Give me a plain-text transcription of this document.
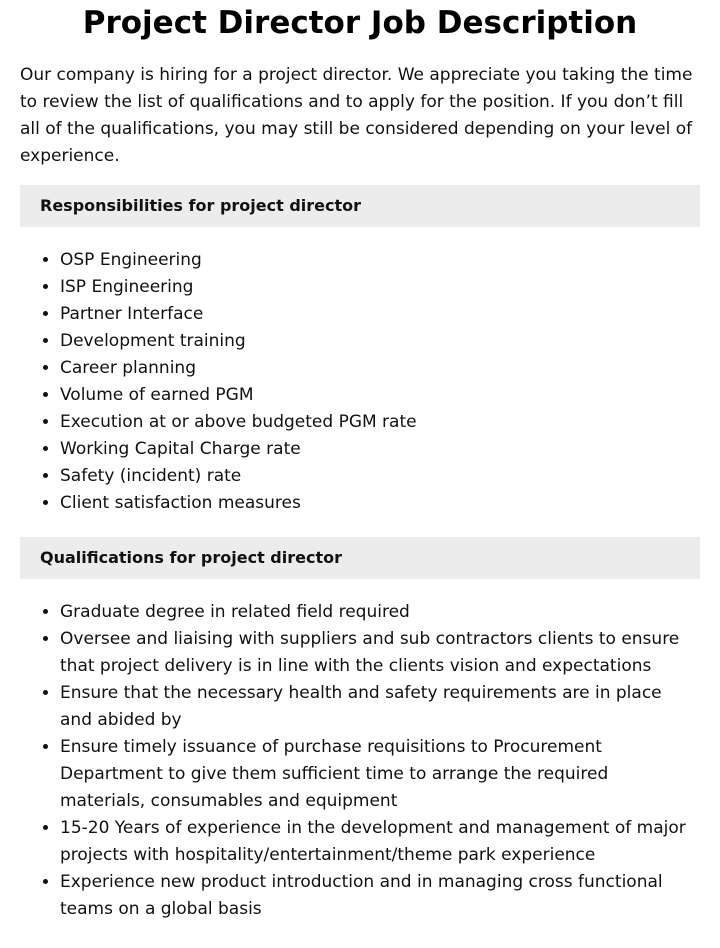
Project Director Job Description

Our company is hiring for a project director. We appreciate you taking the time to review the list of qualifications and to apply for the position. If you don’t fill all of the qualifications, you may still be considered depending on your level of experience.

Responsibilities for project director
• OSP Engineering
• ISP Engineering
• Partner Interface
• Development training
• Career planning
• Volume of earned PGM
• Execution at or above budgeted PGM rate
• Working Capital Charge rate
• Safety (incident) rate
• Client satisfaction measures
Qualifications for project director
• Graduate degree in related field required
• Oversee and liaising with suppliers and sub contractors clients to ensure that project delivery is in line with the clients vision and expectations
• Ensure that the necessary health and safety requirements are in place and abided by
• Ensure timely issuance of purchase requisitions to Procurement Department to give them sufficient time to arrange the required materials, consumables and equipment
• 15-20 Years of experience in the development and management of major projects with hospitality/entertainment/theme park experience
• Experience new product introduction and in managing cross functional teams on a global basis
